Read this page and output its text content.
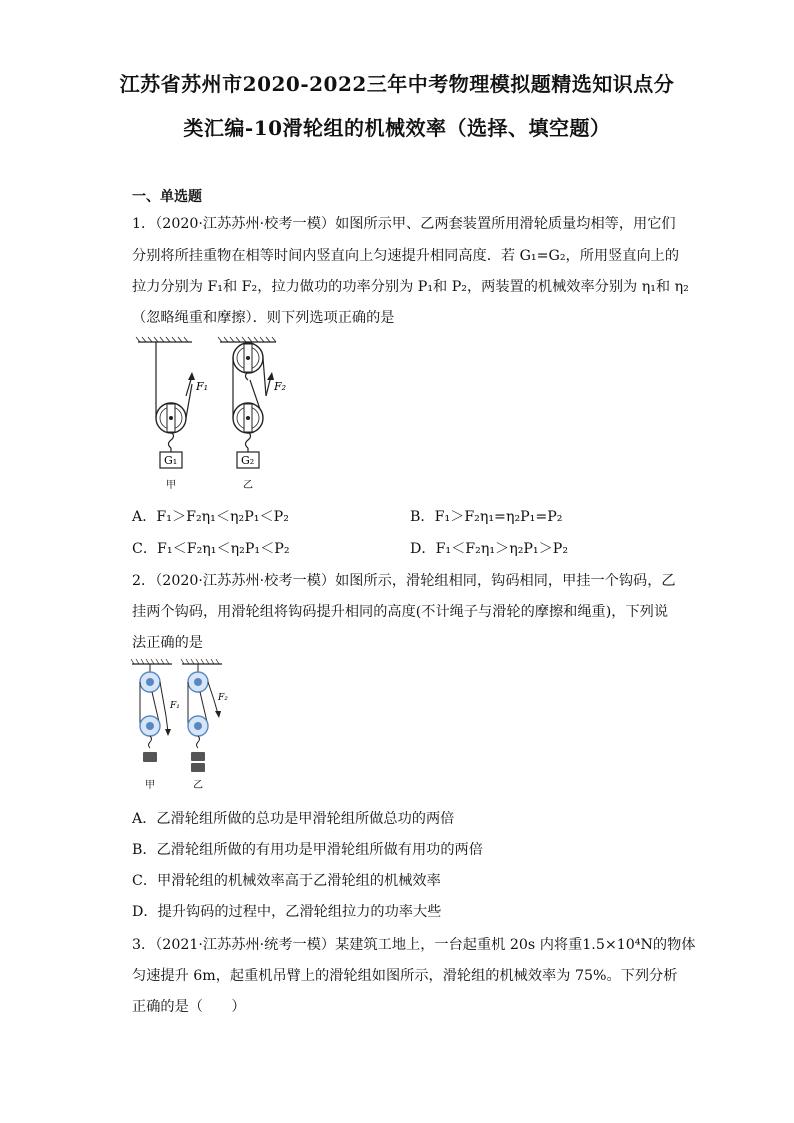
江苏省苏州市2020-2022三年中考物理模拟题精选知识点分
类汇编-10滑轮组的机械效率（选择、填空题）
一、单选题
1．（2020·江苏苏州·校考一模）如图所示甲、乙两套装置所用滑轮质量均相等，用它们
分别将所挂重物在相等时间内竖直向上匀速提升相同高度．若 G₁=G₂，所用竖直向上的
拉力分别为 F₁和 F₂，拉力做功的功率分别为 P₁和 P₂，两装置的机械效率分别为 η₁和 η₂
（忽略绳重和摩擦）．则下列选项正确的是
F₁
G₁
甲
F₂
G₂
乙
A．F₁＞F₂η₁＜η₂P₁＜P₂	B．F₁＞F₂η₁=η₂P₁=P₂
C．F₁＜F₂η₁＜η₂P₁＜P₂	D．F₁＜F₂η₁＞η₂P₁＞P₂
2．（2020·江苏苏州·校考一模）如图所示，滑轮组相同，钩码相同，甲挂一个钩码，乙
挂两个钩码，用滑轮组将钩码提升相同的高度(不计绳子与滑轮的摩擦和绳重)，下列说
法正确的是
F₁
甲
F₂
乙
A．乙滑轮组所做的总功是甲滑轮组所做总功的两倍
B．乙滑轮组所做的有用功是甲滑轮组所做有用功的两倍
C．甲滑轮组的机械效率高于乙滑轮组的机械效率
D．提升钩码的过程中，乙滑轮组拉力的功率大些
3．（2021·江苏苏州·统考一模）某建筑工地上，一台起重机 20s 内将重1.5×10⁴N的物体
匀速提升 6m，起重机吊臂上的滑轮组如图所示，滑轮组的机械效率为 75%。下列分析
正确的是（　　）
